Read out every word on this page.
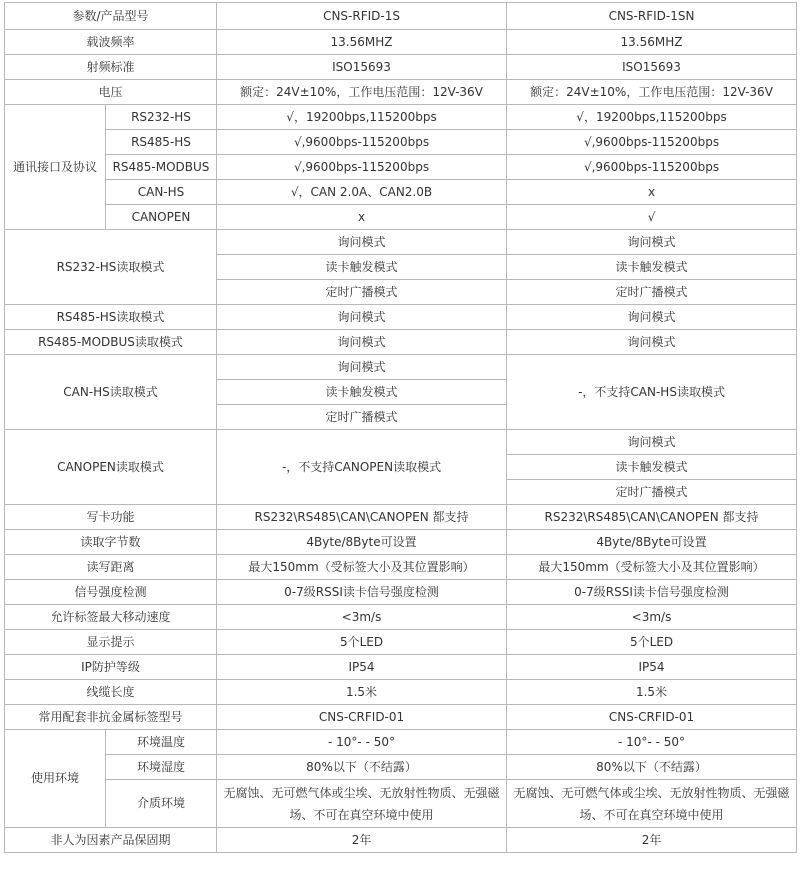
参数/产品型号		CNS-RFID-1S	CNS-RFID-1SN
载波频率		13.56MHZ	13.56MHZ
射频标准		ISO15693	ISO15693
电压		额定：24V±10%，工作电压范围：12V-36V	额定：24V±10%，工作电压范围：12V-36V
通讯接口及协议	RS232-HS	√，19200bps,115200bps	√，19200bps,115200bps
	RS485-HS	√,9600bps-115200bps	√,9600bps-115200bps
	RS485-MODBUS	√,9600bps-115200bps	√,9600bps-115200bps
	CAN-HS	√，CAN 2.0A、CAN2.0B	x
	CANOPEN	x	√
RS232-HS读取模式		询问模式	询问模式
		读卡触发模式	读卡触发模式
		定时广播模式	定时广播模式
RS485-HS读取模式		询问模式	询问模式
RS485-MODBUS读取模式		询问模式	询问模式
CAN-HS读取模式		询问模式	-，不支持CAN-HS读取模式
		读卡触发模式	
		定时广播模式	
CANOPEN读取模式		-，不支持CANOPEN读取模式	询问模式
			读卡触发模式
			定时广播模式
写卡功能		RS232\RS485\CAN\CANOPEN 都支持	RS232\RS485\CAN\CANOPEN 都支持
读取字节数		4Byte/8Byte可设置	4Byte/8Byte可设置
读写距离		最大150mm（受标签大小及其位置影响）	最大150mm（受标签大小及其位置影响）
信号强度检测		0-7级RSSI读卡信号强度检测	0-7级RSSI读卡信号强度检测
允许标签最大移动速度		<3m/s	<3m/s
显示提示		5个LED	5个LED
IP防护等级		IP54	IP54
线缆长度		1.5米	1.5米
常用配套非抗金属标签型号		CNS-CRFID-01	CNS-CRFID-01
使用环境	环境温度	- 10°- - 50°	- 10°- - 50°
	环境湿度	80%以下（不结露）	80%以下（不结露）
	介质环境	无腐蚀、无可燃气体或尘埃、无放射性物质、无强磁场、不可在真空环境中使用	无腐蚀、无可燃气体或尘埃、无放射性物质、无强磁场、不可在真空环境中使用
非人为因素产品保固期		2年	2年
